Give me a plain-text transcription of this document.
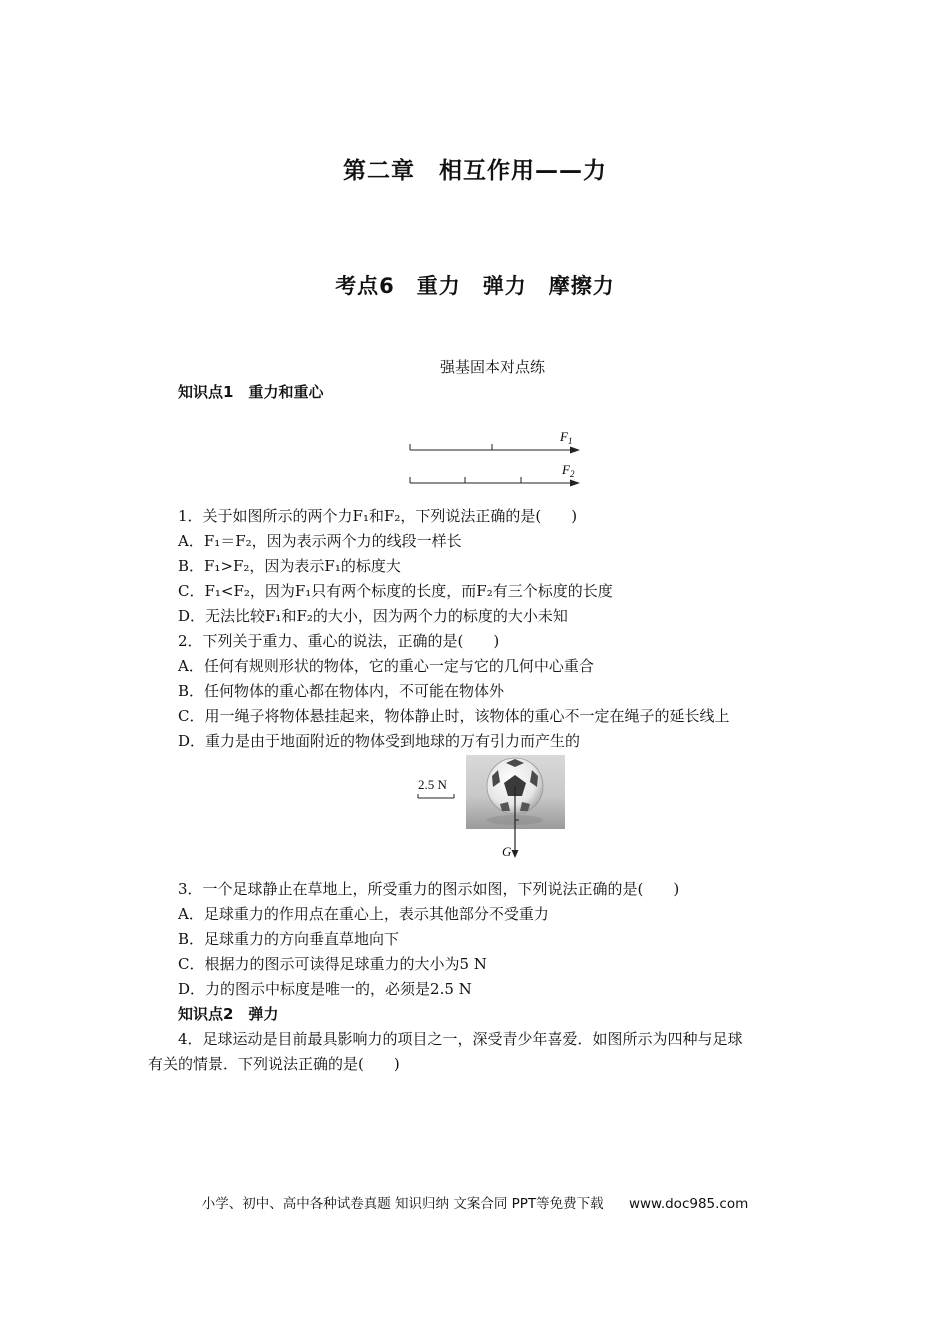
第二章　相互作用——力
考点6　重力　弹力　摩擦力
强基固本对点练
知识点1　重力和重心
$F_1$
$F_2$
1．关于如图所示的两个力F₁和F₂，下列说法正确的是(　　)
A．F₁＝F₂，因为表示两个力的线段一样长
B．F₁>F₂，因为表示F₁的标度大
C．F₁<F₂，因为F₁只有两个标度的长度，而F₂有三个标度的长度
D．无法比较F₁和F₂的大小，因为两个力的标度的大小未知
2．下列关于重力、重心的说法，正确的是(　　)
A．任何有规则形状的物体，它的重心一定与它的几何中心重合
B．任何物体的重心都在物体内，不可能在物体外
C．用一绳子将物体悬挂起来，物体静止时，该物体的重心不一定在绳子的延长线上
D．重力是由于地面附近的物体受到地球的万有引力而产生的
2.5 N
G
3．一个足球静止在草地上，所受重力的图示如图，下列说法正确的是(　　)
A．足球重力的作用点在重心上，表示其他部分不受重力
B．足球重力的方向垂直草地向下
C．根据力的图示可读得足球重力的大小为5 N
D．力的图示中标度是唯一的，必须是2.5 N
知识点2　弹力
4．足球运动是目前最具影响力的项目之一，深受青少年喜爱．如图所示为四种与足球
有关的情景．下列说法正确的是(　　)
小学、初中、高中各种试卷真题 知识归纳 文案合同 PPT等免费下载 www.doc985.com
